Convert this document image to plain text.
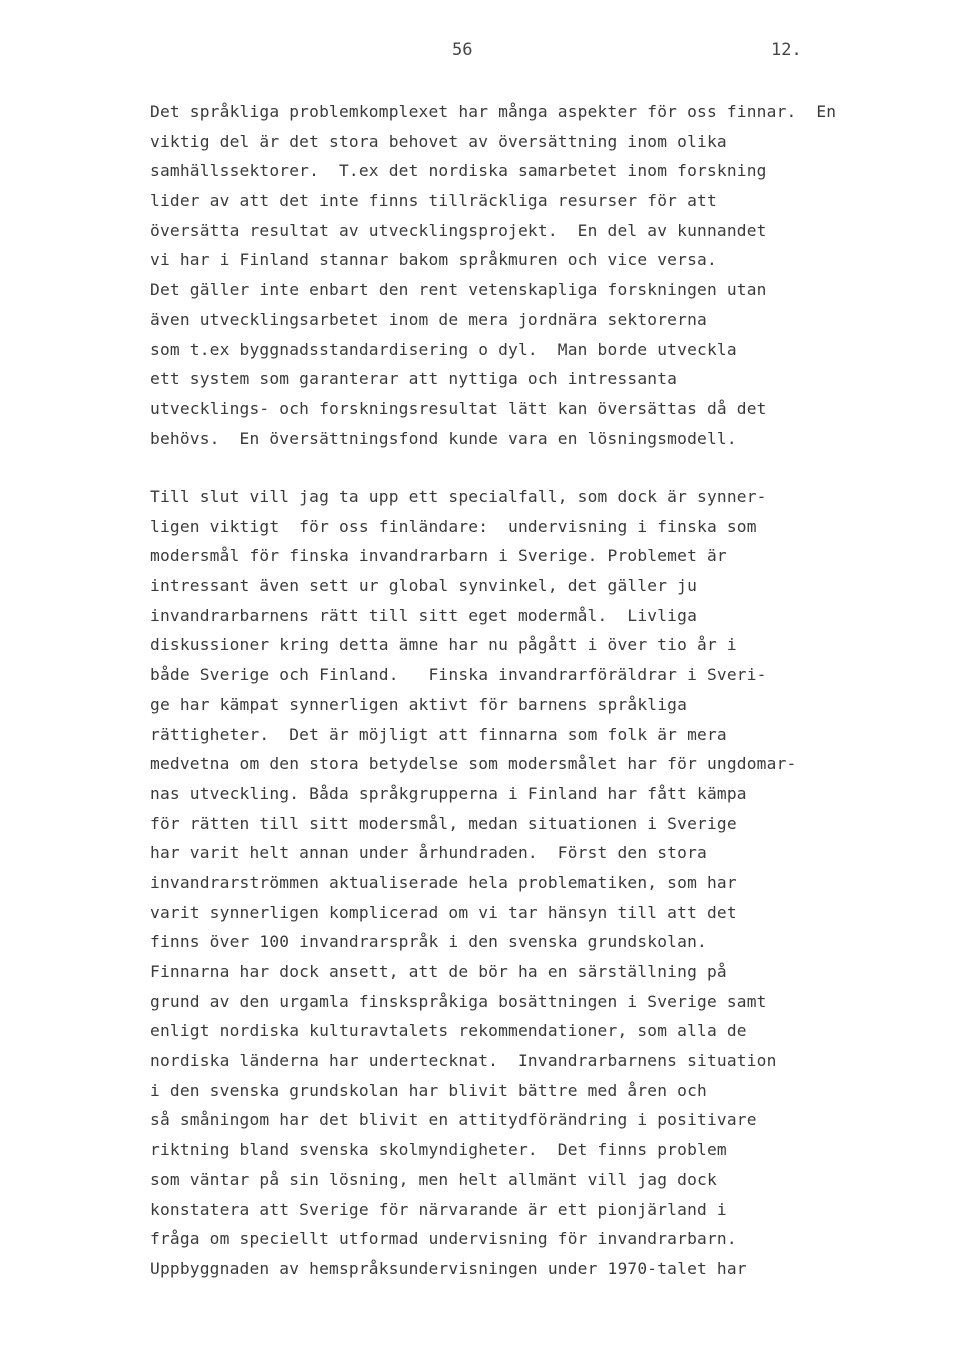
56	12.
Det språkliga problemkomplexet har många aspekter för oss finnar.  En
viktig del är det stora behovet av översättning inom olika
samhällssektorer.  T.ex det nordiska samarbetet inom forskning
lider av att det inte finns tillräckliga resurser för att
översätta resultat av utvecklingsprojekt.  En del av kunnandet
vi har i Finland stannar bakom språkmuren och vice versa.
Det gäller inte enbart den rent vetenskapliga forskningen utan
även utvecklingsarbetet inom de mera jordnära sektorerna
som t.ex byggnadsstandardisering o dyl.  Man borde utveckla
ett system som garanterar att nyttiga och intressanta
utvecklings- och forskningsresultat lätt kan översättas då det
behövs.  En översättningsfond kunde vara en lösningsmodell.
Till slut vill jag ta upp ett specialfall, som dock är synner-
ligen viktigt  för oss finländare:  undervisning i finska som
modersmål för finska invandrarbarn i Sverige. Problemet är
intressant även sett ur global synvinkel, det gäller ju
invandrarbarnens rätt till sitt eget modermål.  Livliga
diskussioner kring detta ämne har nu pågått i över tio år i
både Sverige och Finland.   Finska invandrarföräldrar i Sveri-
ge har kämpat synnerligen aktivt för barnens språkliga
rättigheter.  Det är möjligt att finnarna som folk är mera
medvetna om den stora betydelse som modersmålet har för ungdomar-
nas utveckling. Båda språkgrupperna i Finland har fått kämpa
för rätten till sitt modersmål, medan situationen i Sverige
har varit helt annan under århundraden.  Först den stora
invandrarströmmen aktualiserade hela problematiken, som har
varit synnerligen komplicerad om vi tar hänsyn till att det
finns över 100 invandrarspråk i den svenska grundskolan.
Finnarna har dock ansett, att de bör ha en särställning på
grund av den urgamla finskspråkiga bosättningen i Sverige samt
enligt nordiska kulturavtalets rekommendationer, som alla de
nordiska länderna har undertecknat.  Invandrarbarnens situation
i den svenska grundskolan har blivit bättre med åren och
så småningom har det blivit en attitydförändring i positivare
riktning bland svenska skolmyndigheter.  Det finns problem
som väntar på sin lösning, men helt allmänt vill jag dock
konstatera att Sverige för närvarande är ett pionjärland i
fråga om speciellt utformad undervisning för invandrarbarn.
Uppbyggnaden av hemspråksundervisningen under 1970-talet har
